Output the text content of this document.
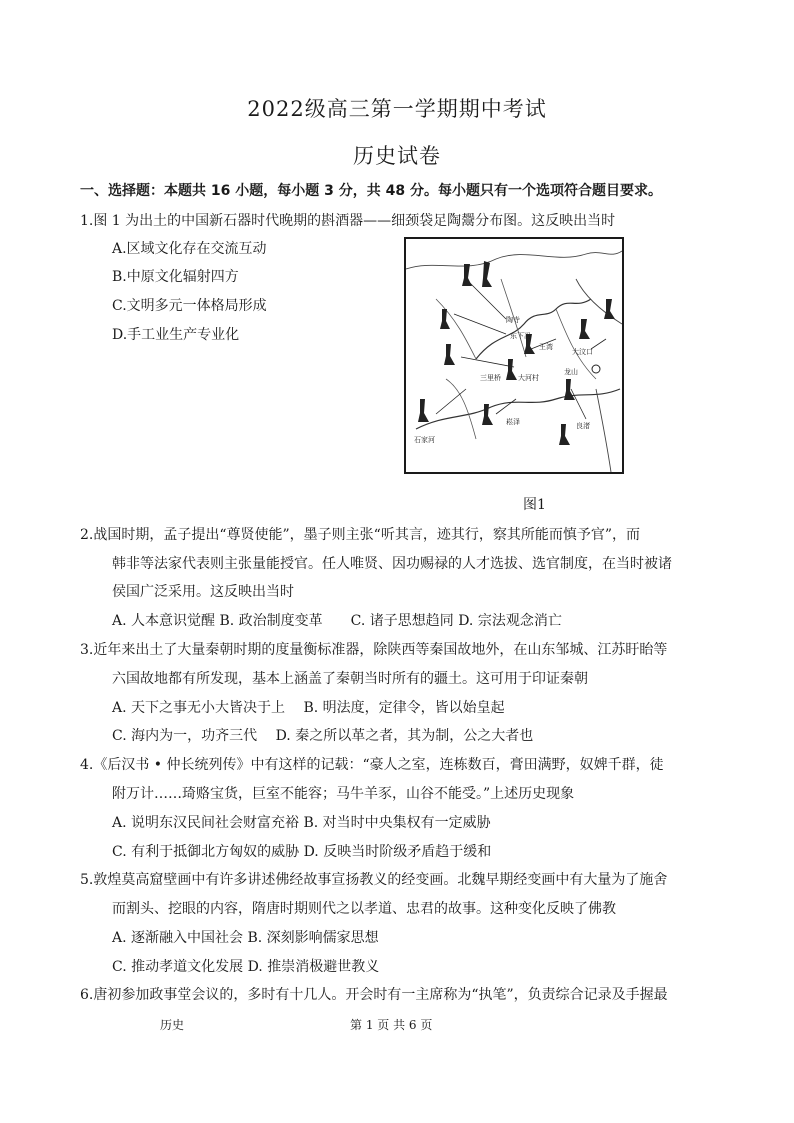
2022级高三第一学期期中考试
历史试卷
一、选择题：本题共 16 小题，每小题 3 分，共 48 分。每小题只有一个选项符合题目要求。
1.图 1 为出土的中国新石器时代晚期的斟酒器——细颈袋足陶鬶分布图。这反映出当时
A.区域文化存在交流互动
B.中原文化辐射四方
C.文明多元一体格局形成
D.手工业生产专业化
陶寺
东下冯
王湾
三里桥
石家河
崧泽
大汶口
大河村
龙山
良渚
图1
2.战国时期，孟子提出“尊贤使能”，墨子则主张“听其言，迹其行，察其所能而慎予官”，而
韩非等法家代表则主张量能授官。任人唯贤、因功赐禄的人才选拔、选官制度，在当时被诸
侯国广泛采用。这反映出当时
A. 人本意识觉醒 B. 政治制度变革　　C. 诸子思想趋同 D. 宗法观念消亡
3.近年来出土了大量秦朝时期的度量衡标准器，除陕西等秦国故地外，在山东邹城、江苏盱眙等
六国故地都有所发现，基本上涵盖了秦朝当时所有的疆土。这可用于印证秦朝
A. 天下之事无小大皆决于上　 B. 明法度，定律令，皆以始皇起
C. 海内为一，功齐三代　 D. 秦之所以革之者，其为制，公之大者也
4.《后汉书 • 仲长统列传》中有这样的记载：“豪人之室，连栋数百，膏田满野，奴婢千群，徒
附万计……琦赂宝货，巨室不能容；马牛羊豕，山谷不能受。”上述历史现象
A. 说明东汉民间社会财富充裕 B. 对当时中央集权有一定威胁
C. 有利于抵御北方匈奴的威胁 D. 反映当时阶级矛盾趋于缓和
5.敦煌莫高窟壁画中有许多讲述佛经故事宣扬教义的经变画。北魏早期经变画中有大量为了施舍
而割头、挖眼的内容，隋唐时期则代之以孝道、忠君的故事。这种变化反映了佛教
A. 逐渐融入中国社会 B. 深刻影响儒家思想
C. 推动孝道文化发展 D. 推崇消极避世教义
6.唐初参加政事堂会议的，多时有十几人。开会时有一主席称为“执笔”，负责综合记录及手握最
历史	第 1 页 共 6 页
